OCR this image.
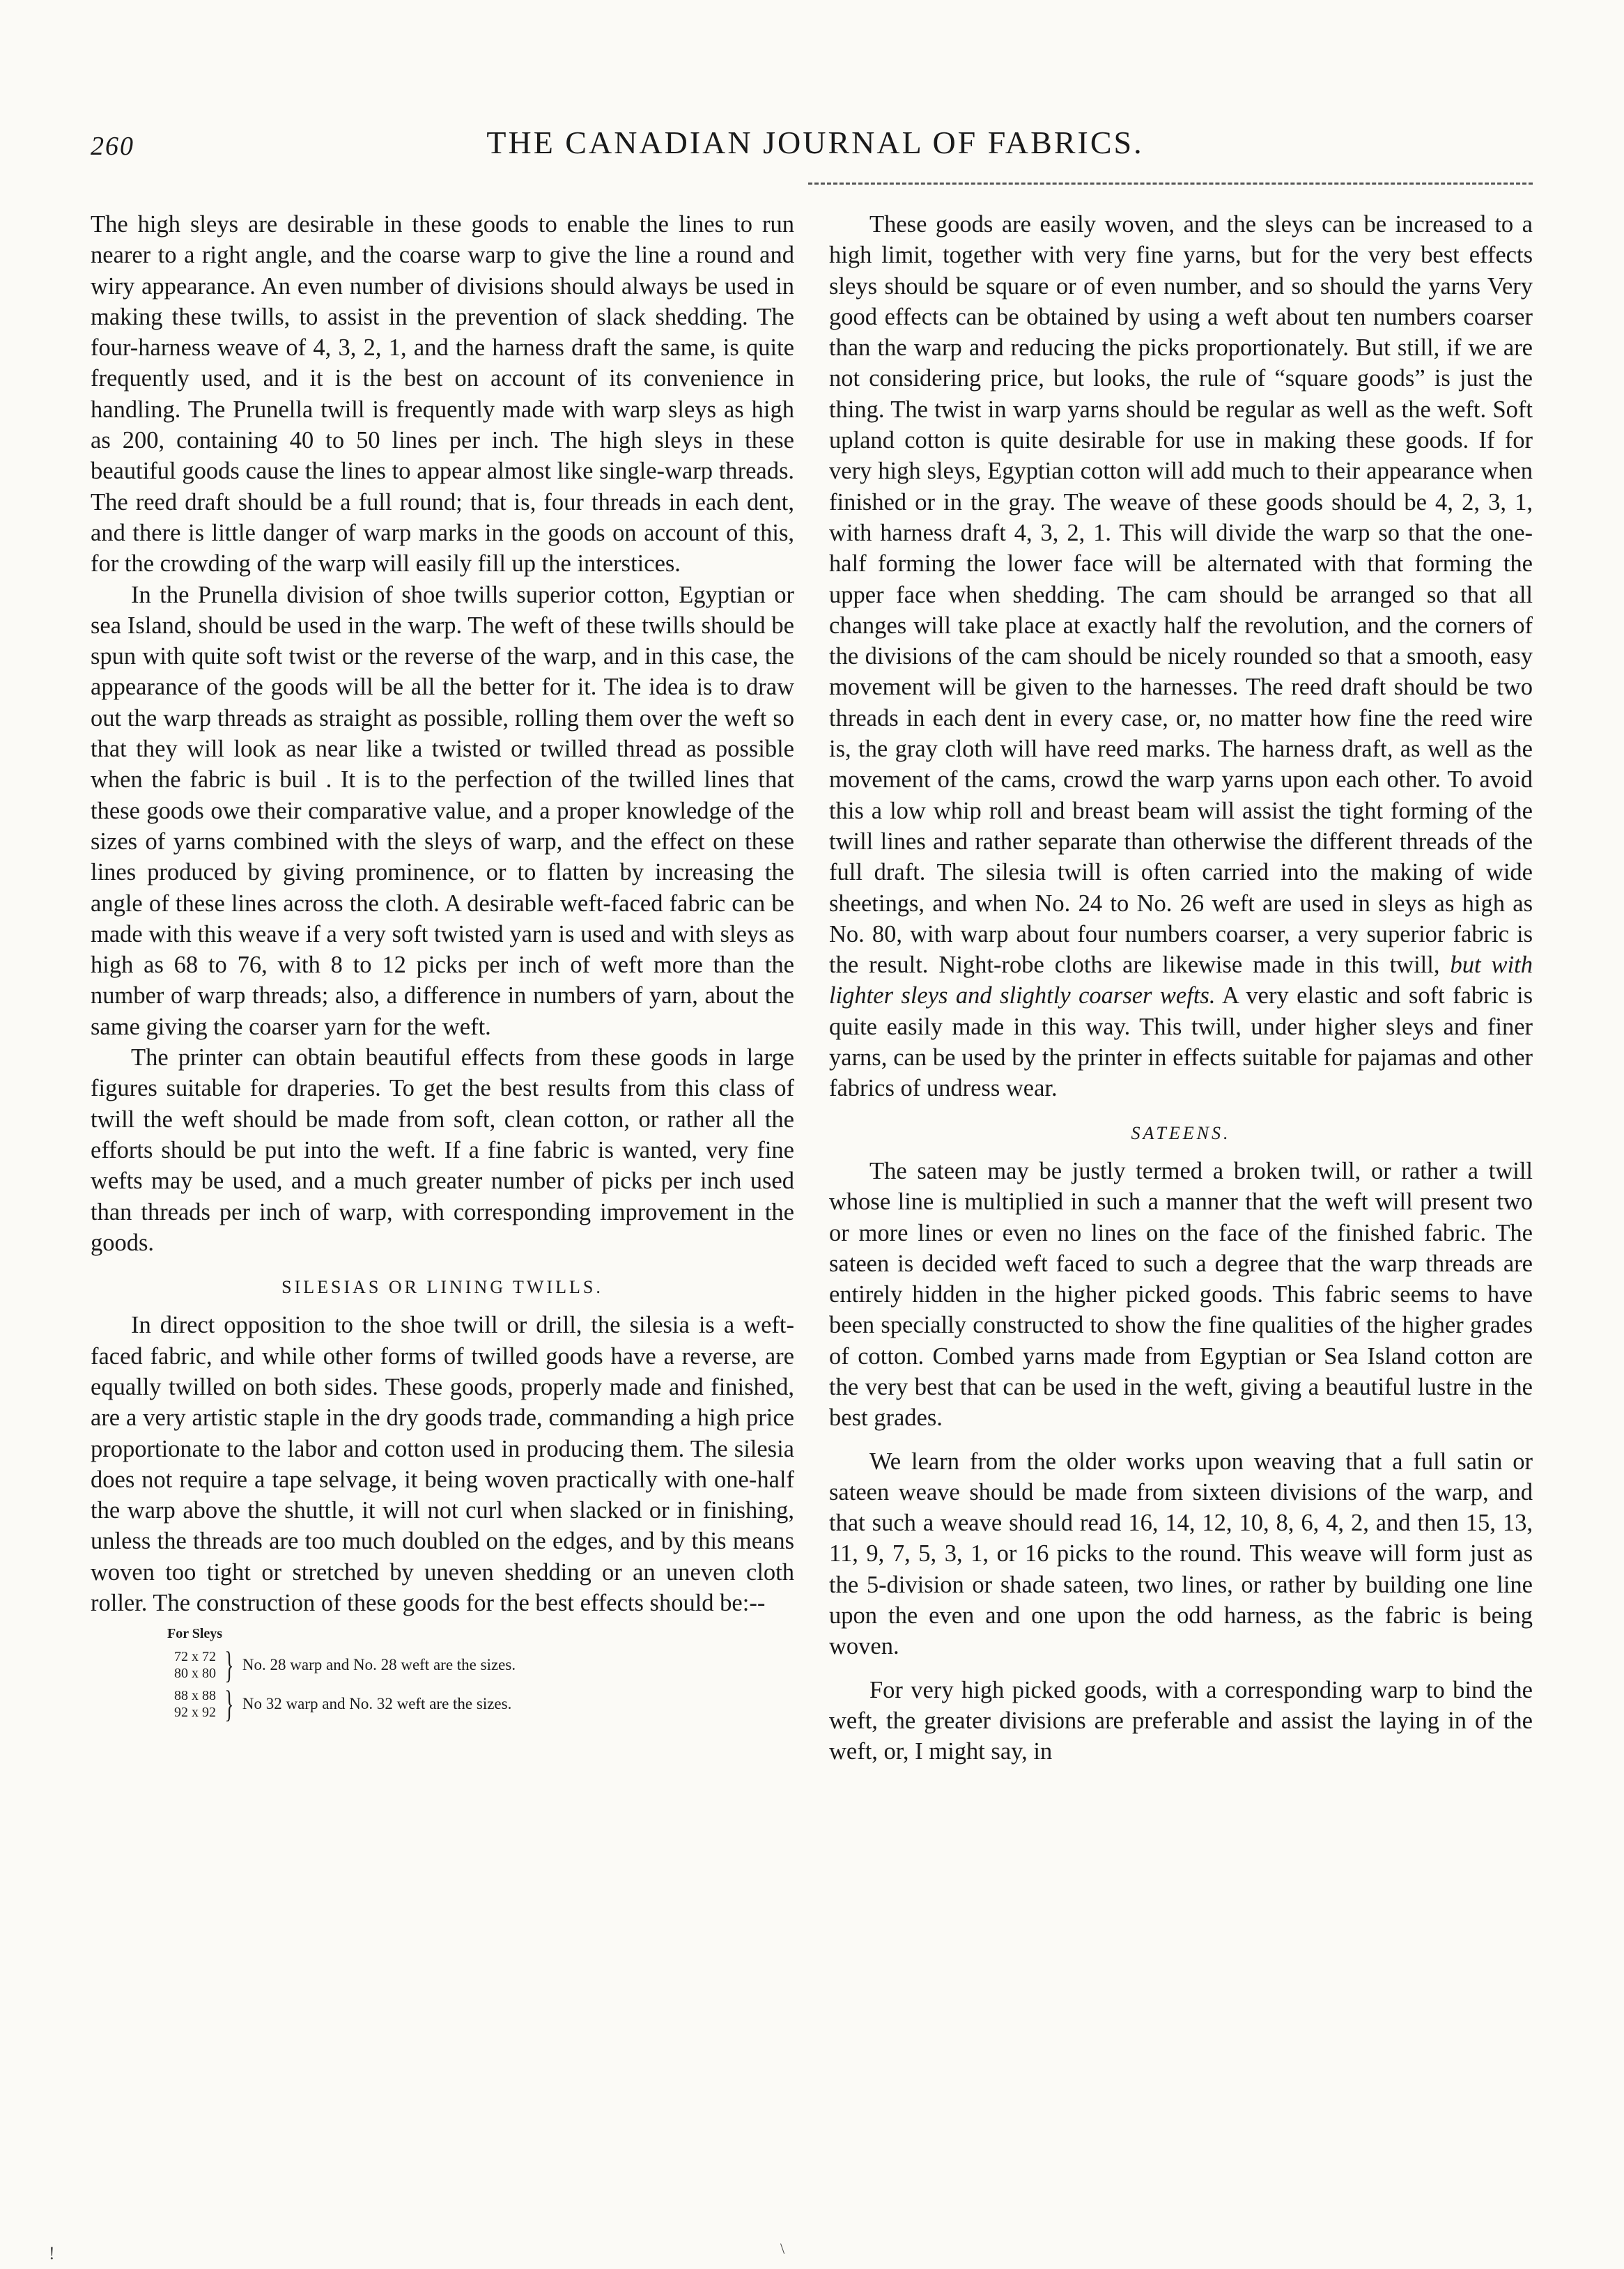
260	THE CANADIAN JOURNAL OF FABRICS.

The high sleys are desirable in these goods to enable the lines to run nearer to a right angle, and the coarse warp to give the line a round and wiry appearance. An even number of divisions should always be used in making these twills, to assist in the prevention of slack shedding. The four-harness weave of 4, 3, 2, 1, and the harness draft the same, is quite frequently used, and it is the best on account of its convenience in handling. The Prunella twill is frequently made with warp sleys as high as 200, containing 40 to 50 lines per inch. The high sleys in these beautiful goods cause the lines to appear almost like single-warp threads. The reed draft should be a full round; that is, four threads in each dent, and there is little danger of warp marks in the goods on account of this, for the crowding of the warp will easily fill up the interstices.

In the Prunella division of shoe twills superior cotton, Egyptian or sea Island, should be used in the warp. The weft of these twills should be spun with quite soft twist or the reverse of the warp, and in this case, the appearance of the goods will be all the better for it. The idea is to draw out the warp threads as straight as possible, rolling them over the weft so that they will look as near like a twisted or twilled thread as possible when the fabric is buil . It is to the perfection of the twilled lines that these goods owe their comparative value, and a proper knowledge of the sizes of yarns combined with the sleys of warp, and the effect on these lines produced by giving prominence, or to flatten by increasing the angle of these lines across the cloth. A desirable weft-faced fabric can be made with this weave if a very soft twisted yarn is used and with sleys as high as 68 to 76, with 8 to 12 picks per inch of weft more than the number of warp threads; also, a difference in numbers of yarn, about the same giving the coarser yarn for the weft.

The printer can obtain beautiful effects from these goods in large figures suitable for draperies. To get the best results from this class of twill the weft should be made from soft, clean cotton, or rather all the efforts should be put into the weft. If a fine fabric is wanted, very fine wefts may be used, and a much greater number of picks per inch used than threads per inch of warp, with corresponding improvement in the goods.

SILESIAS OR LINING TWILLS.

In direct opposition to the shoe twill or drill, the silesia is a weft-faced fabric, and while other forms of twilled goods have a reverse, are equally twilled on both sides. These goods, properly made and finished, are a very artistic staple in the dry goods trade, commanding a high price proportionate to the labor and cotton used in producing them. The silesia does not require a tape selvage, it being woven practically with one-half the warp above the shuttle, it will not curl when slacked or in finishing, unless the threads are too much doubled on the edges, and by this means woven too tight or stretched by uneven shedding or an uneven cloth roller. The construction of these goods for the best effects should be:--

For Sleys
72 x 72
80 x 80 } No. 28 warp and No. 28 weft are the sizes.
88 x 88
92 x 92 } No 32 warp and No. 32 weft are the sizes.

These goods are easily woven, and the sleys can be increased to a high limit, together with very fine yarns, but for the very best effects sleys should be square or of even number, and so should the yarns Very good effects can be obtained by using a weft about ten numbers coarser than the warp and reducing the picks proportionately. But still, if we are not considering price, but looks, the rule of “square goods” is just the thing. The twist in warp yarns should be regular as well as the weft. Soft upland cotton is quite desirable for use in making these goods. If for very high sleys, Egyptian cotton will add much to their appearance when finished or in the gray. The weave of these goods should be 4, 2, 3, 1, with harness draft 4, 3, 2, 1. This will divide the warp so that the one-half forming the lower face will be alternated with that forming the upper face when shedding. The cam should be arranged so that all changes will take place at exactly half the revolution, and the corners of the divisions of the cam should be nicely rounded so that a smooth, easy movement will be given to the harnesses. The reed draft should be two threads in each dent in every case, or, no matter how fine the reed wire is, the gray cloth will have reed marks. The harness draft, as well as the movement of the cams, crowd the warp yarns upon each other. To avoid this a low whip roll and breast beam will assist the tight forming of the twill lines and rather separate than otherwise the different threads of the full draft. The silesia twill is often carried into the making of wide sheetings, and when No. 24 to No. 26 weft are used in sleys as high as No. 80, with warp about four numbers coarser, a very superior fabric is the result. Night-robe cloths are likewise made in this twill, but with lighter sleys and slightly coarser wefts. A very elastic and soft fabric is quite easily made in this way. This twill, under higher sleys and finer yarns, can be used by the printer in effects suitable for pajamas and other fabrics of undress wear.

SATEENS.

The sateen may be justly termed a broken twill, or rather a twill whose line is multiplied in such a manner that the weft will present two or more lines or even no lines on the face of the finished fabric. The sateen is decided weft faced to such a degree that the warp threads are entirely hidden in the higher picked goods. This fabric seems to have been specially constructed to show the fine qualities of the higher grades of cotton. Combed yarns made from Egyptian or Sea Island cotton are the very best that can be used in the weft, giving a beautiful lustre in the best grades.

We learn from the older works upon weaving that a full satin or sateen weave should be made from sixteen divisions of the warp, and that such a weave should read 16, 14, 12, 10, 8, 6, 4, 2, and then 15, 13, 11, 9, 7, 5, 3, 1, or 16 picks to the round. This weave will form just as the 5-division or shade sateen, two lines, or rather by building one line upon the even and one upon the odd harness, as the fabric is being woven.

For very high picked goods, with a corresponding warp to bind the weft, the greater divisions are preferable and assist the laying in of the weft, or, I might say, in

!	\
